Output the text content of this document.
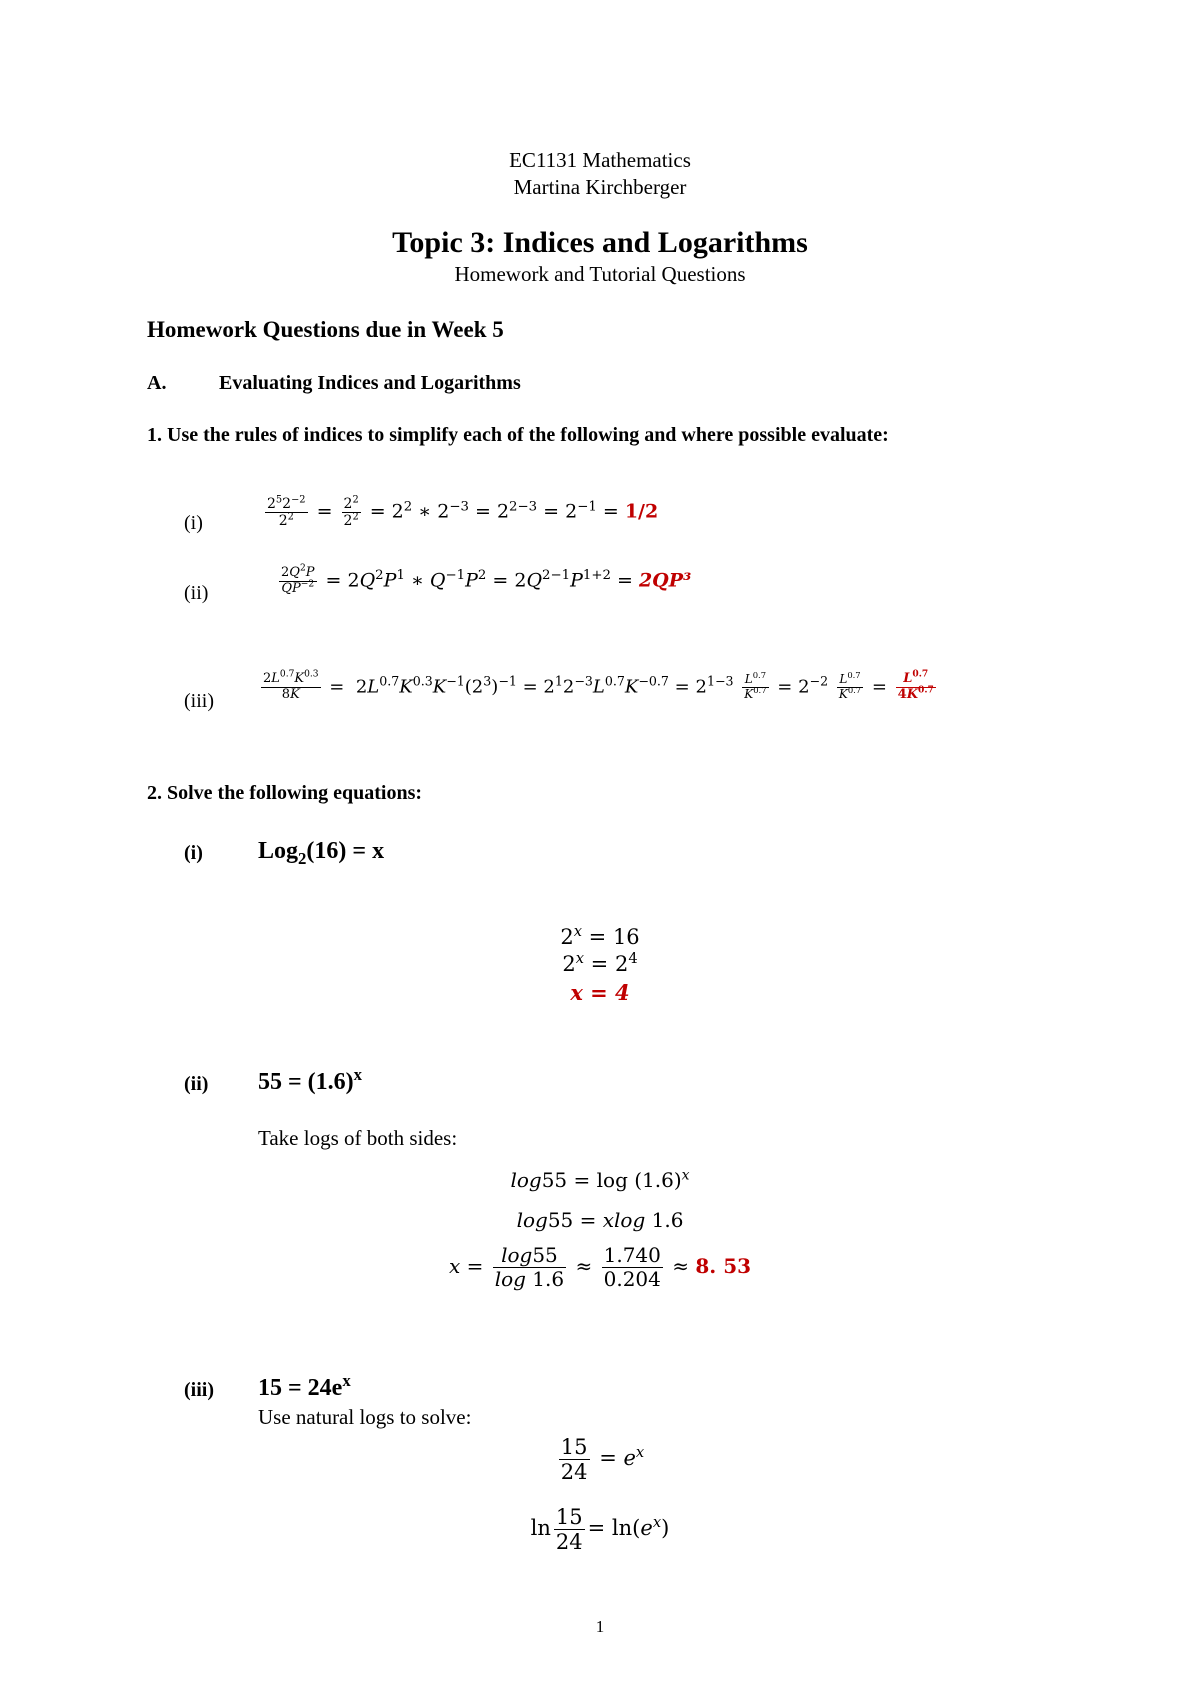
EC1131 Mathematics
Martina Kirchberger
Topic 3: Indices and Logarithms
Homework and Tutorial Questions
Homework Questions due in Week 5
A.	Evaluating Indices and Logarithms
1. Use the rules of indices to simplify each of the following and where possible evaluate:
(i)	$\frac{2^52^{-2}}{2^2} = \frac{2^2}{2^2} = 2^2$ ∗ $2^{-3} = 2^{2-3} = 2^{-1} = 1/2$
(ii)	$\frac{2Q^2P}{QP^{-2}} = 2Q^2P^1$ ∗ $Q^{-1}P^2 = 2Q^{2-1}P^{1+2} = 2QP^3$
(iii)	$\frac{2L^{0.7}K^{0.3}}{8K} = 2L^{0.7}K^{0.3}K^{-1}(2^3)^{-1} = 2^12^{-3}L^{0.7}K^{-0.7} = 2^{1-3} \frac{L^{0.7}}{K^{0.7}} = 2^{-2} \frac{L^{0.7}}{K^{0.7}} = \frac{L^{0.7}}{4K^{0.7}}$
2. Solve the following equations:
(i) Log$_2$(16) = x
$2^x = 16$
$2^x = 2^4$
x = 4
(ii) $55 = (1.6)^x$
Take logs of both sides:
$\log 55 = \log (1.6)^x$
log55 = xlog 1.6
$x = \frac{\log 55}{\log 1.6} \approx \frac{1.740}{0.204} \approx 8$. 53
(iii) $15 = 24e^x$
Use natural logs to solve:
$\frac{15}{24} = e^x$
$\ln \frac{15}{24} = \ln(e^x)$
1
